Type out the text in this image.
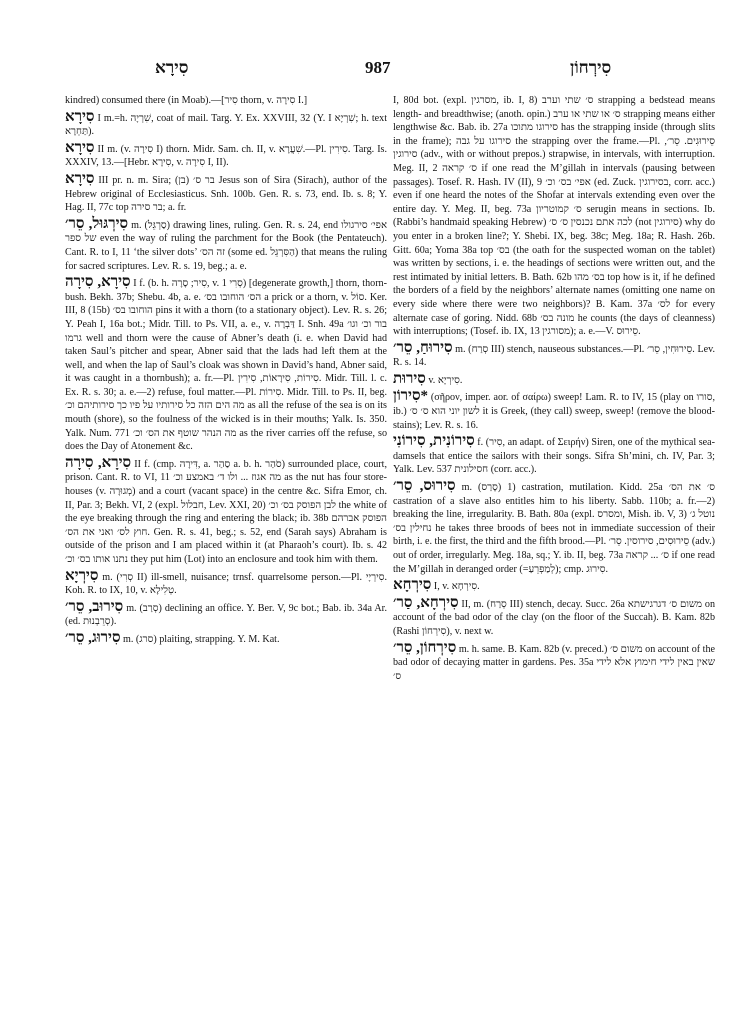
סִירָא	987	סִירְחוֹן

kindred) consumed there (in Moab).—[סִיר thorn, v. סִירָה I.]

סִירָא I m.=h. שִׁרְיָה, coat of mail. Targ. Y. Ex. XXVIII, 32 (Y. I שִׁרְיָא; h. text תַּחְרָא).

סִירָא II m. (v. סִירָה I) thorn. Midr. Sam. ch. II, v. שִׁעֲרָא.—Pl. סִירִין. Targ. Is. XXXIV, 13.—[Hebr. סִירָא, v. סִירָה I, II).

סִירָא III pr. n. m. Sira; (בן) בר ס׳ Jesus son of Sira (Sirach), author of the Hebrew original of Ecclesiasticus. Snh. 100b. Gen. R. s. 73, end. Ib. s. 8; Y. Hag. II, 77c top בר סירה; a. fr.

סִירְגּוּל, סֵר׳ m. (סַרְגֵּל) drawing lines, ruling. Gen. R. s. 24, end אפי׳ סירגולו של ספר even the way of ruling the parchment for the Book (the Pentateuch). Cant. R. to I, 11 ‘the silver dots’ זה הס׳ (some ed. הַסִּרְגֵּל) that means the ruling for sacred scriptures. Lev. R. s. 19, beg.; a. e.

סִירָא, סִירָה I f. (b. h. סִיר; סָרָה, v. סְרִי 1) [degenerate growth,] thorn, thorn-bush. Bekh. 37b; Shebu. 4b, a. e. הס׳ הוחובו בס׳ a prick or a thorn, v. סוֹל. Ker. III, 8 (15b) הוחובו בס׳ pins it with a thorn (to a stationary object). Lev. R. s. 26; Y. Peah I, 16a bot.; Midr. Till. to Ps. VII, a. e., v. דַּבְרָה I. Snh. 49a בור וכ׳ וגו׳ גרמו well and thorn were the cause of Abner’s death (i. e. when David had taken Saul’s pitcher and spear, Abner said that the lads had left them at the well, and when the lap of Saul’s cloak was shown in David’s hand, Abner said, it was caught in a thornbush); a. fr.—Pl. סִירוֹת, סִירָאוֹת, סִירִין. Midr. Till. l. c. Ex. R. s. 30; a. e.—2) refuse, foul matter.—Pl. סִירוֹת. Midr. Till. to Ps. II, beg. מה הים הזה כל סירותיו על פיו כך סירותיהם וכ׳ as all the refuse of the sea is on its mouth (shore), so the foulness of the wicked is in their mouths; Yalk. Is. 350. Yalk. Num. 771 מה הנהר שוטף את הס׳ וכ׳ as the river carries off the refuse, so does the Day of Atonement &c.

סִירָא, סִירָה II f. (cmp. דִּירָה, a. סַהַר a. b. h. סֹהַר) surrounded place, court, prison. Cant. R. to VI, 11 מה אגוז ... ולו ד׳ באמצע וכ׳ as the nut has four store-houses (v. מְגוּרָה) and a court (vacant space) in the centre &c. Sifra Emor, ch. II, Par. 3; Bekh. VI, 2 (expl. חבלול, Lev. XXI, 20) לבן הפוסק בס׳ וכ׳ the white of the eye breaking through the ring and entering the black; ib. 38b הפוסק אברהם חוץ לס׳ ואני את הס׳. Gen. R. s. 41, beg.; s. 52, end (Sarah says) Abraham is outside of the prison and I am placed within it (at Pharaoh’s court). Ib. s. 42 נתנו אותו בס׳ וכ׳ they put him (Lot) into an enclosure and took him with them.

סִירְיָא m. (סְרִי II) ill-smell, nuisance; trnsf. quarrelsome person.—Pl. סִירְיָי. Koh. R. to IX, 10, v. טְלִילָא.

סִירוּב, סֵר׳ m. (סְרַב) declining an office. Y. Ber. V, 9c bot.; Bab. ib. 34a Ar. (ed. סְרֵבְנוּת).

סִירוּג, סֵר׳ m. (סרג) plaiting, strapping. Y. M. Kat.

I, 80d bot. (expl. מסרגין, ib. I, 8) ס׳ שתי וערב strapping a bedstead means length- and breadthwise; (anoth. opin.) ס׳ או שתי או ערב strapping means either lengthwise &c. Bab. ib. 27a סירוגו מתוכו has the strapping inside (through slits in the frame); סירוגו על גבה the strapping over the frame.—Pl. סֵירוּגִים. סֵר׳, סירוגין (adv., with or without prepos.) strapwise, in intervals, with interruption. Meg. II, 2 ס׳ קראה if one read the M’gillah in intervals (pausing between passages). Tosef. R. Hash. IV (II), 9 אפי׳ בס׳ וכ׳ (ed. Zuck. בסירוגין, corr. acc.) even if one heard the notes of the Shofar at intervals extending even over the entire day. Y. Meg. II, beg. 73a ס׳ קמוטריון serugin means in sections. Ib. (Rabbi’s handmaid speaking Hebrew) לכה אתם נכנסין ס׳ ס׳ (not סירוגין) why do you enter in a broken line?; Y. Shebi. IX, beg. 38c; Meg. 18a; R. Hash. 26b. Gitt. 60a; Yoma 38a top בס׳ (the oath for the suspected woman on the tablet) was written by sections, i. e. the headings of sections were written out, and the rest intimated by initial letters. B. Bath. 62b בס׳ מהו top how is it, if he defined the borders of a field by the neighbors’ alternate names (omitting one name on every side where there were two neighbors)? B. Kam. 37a לס׳ for every alternate case of goring. Nidd. 68b מונה בס׳ he counts (the days of cleanness) with interruptions; (Tosef. ib. IX, 13 מסורגין); a. e.—V. סֵירוּס.

סִירוּחַ, סֵר׳ m. (סְרַח III) stench, nauseous substances.—Pl. סֵירוּחִין, סֵר׳. Lev. R. s. 14.

סִירוּת v. סִירְיָא.

*סִירוֹן (σῆρον, imper. aor. of σαίρω) sweep! Lam. R. to IV, 15 (play on סורו, ib.) לשון יוני הוא ס׳ ס׳ it is Greek, (they call) sweep, sweep! (remove the blood-stains); Lev. R. s. 16.

סִירוֹנִית, סִירוֹנִי f. (סִיר, an adapt. of Σειρήν) Siren, one of the mythical sea-damsels that entice the sailors with their songs. Sifra Sh’mini, ch. IV, Par. 3; Yalk. Lev. 537 חסילונית (corr. acc.).

סִירוּס, סֵר׳ m. (סָרַס) 1) castration, mutilation. Kidd. 25a ס׳ את הס׳ castration of a slave also entitles him to his liberty. Sabb. 110b; a. fr.—2) breaking the line, irregularity. B. Bath. 80a (expl. ומסרס, Mish. ib. V, 3) נוטל ג׳ נחילין בס׳ he takes three broods of bees not in immediate succession of their birth, i. e. the first, the third and the fifth brood.—Pl. סֵירוּסִים, סירוסין. סֵר׳ (adv.) out of order, irregularly. Meg. 18a, sq.; Y. ib. II, beg. 73a ס׳ ... קראה if one read the M’gillah in deranged order (=לְמַפְרֵעַ); cmp. סִירוּג.

סִירְחָא I, v. סִירְחָא.

סִירְחָא, סַר׳ II, m. (סְרַח III) stench, decay. Succ. 26a משום ס׳ דגרגישתא on account of the bad odor of the clay (on the floor of the Succah). B. Kam. 82b (Rashi סִירְחוֹן), v. next w.

סִירְחוֹן, סֵר׳ m. h. same. B. Kam. 82b (v. preced.) משום ס׳ on account of the bad odor of decaying matter in gardens. Pes. 35a שאין באין לידי חימוץ אלא לידי ס׳
